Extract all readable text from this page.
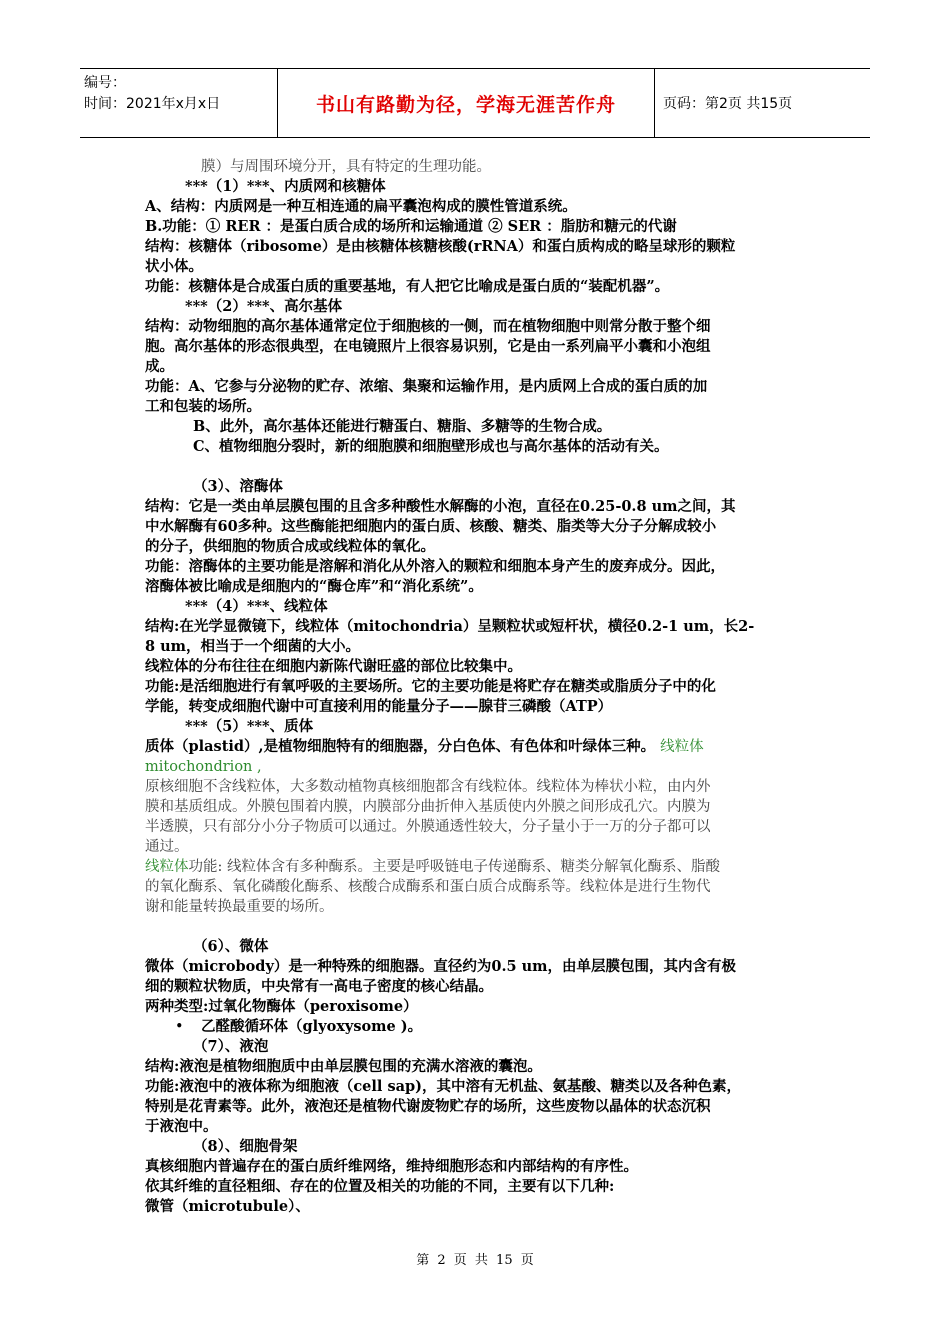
编号：
时间：2021年x月x日	书山有路勤为径，学海无涯苦作舟	页码：第2页 共15页

膜）与周围环境分开，具有特定的生理功能。

***（1）***、内质网和核糖体

A、结构：内质网是一种互相连通的扁平囊泡构成的膜性管道系统。

B.功能：① RER ：是蛋白质合成的场所和运输通道 ② SER ：脂肪和糖元的代谢

结构：核糖体（ribosome）是由核糖体核糖核酸(rRNA）和蛋白质构成的略呈球形的颗粒

状小体。

功能：核糖体是合成蛋白质的重要基地，有人把它比喻成是蛋白质的“装配机器”。

***（2）***、高尔基体

结构：动物细胞的高尔基体通常定位于细胞核的一侧，而在植物细胞中则常分散于整个细

胞。高尔基体的形态很典型，在电镜照片上很容易识别，它是由一系列扁平小囊和小泡组

成。

功能：A、它参与分泌物的贮存、浓缩、集聚和运输作用，是内质网上合成的蛋白质的加

工和包装的场所。

B、此外，高尔基体还能进行糖蛋白、糖脂、多糖等的生物合成。

C、植物细胞分裂时，新的细胞膜和细胞壁形成也与高尔基体的活动有关。

（3）、溶酶体

结构：它是一类由单层膜包围的且含多种酸性水解酶的小泡，直径在0.25-0.8 um之间，其

中水解酶有60多种。这些酶能把细胞内的蛋白质、核酸、糖类、脂类等大分子分解成较小

的分子，供细胞的物质合成或线粒体的氧化。

功能：溶酶体的主要功能是溶解和消化从外溶入的颗粒和细胞本身产生的废弃成分。因此，

溶酶体被比喻成是细胞内的“酶仓库”和“消化系统”。

***（4）***、线粒体

结构:在光学显微镜下，线粒体（mitochondria）呈颗粒状或短杆状，横径0.2-1 um，长2-

8 um，相当于一个细菌的大小。

线粒体的分布往往在细胞内新陈代谢旺盛的部位比较集中。

功能:是活细胞进行有氧呼吸的主要场所。它的主要功能是将贮存在糖类或脂质分子中的化

学能，转变成细胞代谢中可直接利用的能量分子——腺苷三磷酸（ATP）

***（5）***、质体

质体（plastid）,是植物细胞特有的细胞器，分白色体、有色体和叶绿体三种。 线粒体

mitochondrion ,

原核细胞不含线粒体，大多数动植物真核细胞都含有线粒体。线粒体为棒状小粒，由内外

膜和基质组成。外膜包围着内膜，内膜部分曲折伸入基质使内外膜之间形成孔穴。内膜为

半透膜，只有部分小分子物质可以通过。外膜通透性较大，分子量小于一万的分子都可以

通过。

线粒体功能: 线粒体含有多种酶系。主要是呼吸链电子传递酶系、糖类分解氧化酶系、脂酸

的氧化酶系、氧化磷酸化酶系、核酸合成酶系和蛋白质合成酶系等。线粒体是进行生物代

谢和能量转换最重要的场所。

（6）、微体

微体（microbody）是一种特殊的细胞器。直径约为0.5 um，由单层膜包围，其内含有极

细的颗粒状物质，中央常有一高电子密度的核心结晶。

两种类型:过氧化物酶体（peroxisome）

• 乙醛酸循环体（glyoxysome )。

（7）、液泡

结构:液泡是植物细胞质中由单层膜包围的充满水溶液的囊泡。

功能:液泡中的液体称为细胞液（cell sap)，其中溶有无机盐、氨基酸、糖类以及各种色素，

特别是花青素等。此外，液泡还是植物代谢废物贮存的场所，这些废物以晶体的状态沉积

于液泡中。

（8）、细胞骨架

真核细胞内普遍存在的蛋白质纤维网络，维持细胞形态和内部结构的有序性。

依其纤维的直径粗细、存在的位置及相关的功能的不同，主要有以下几种:

微管（microtubule）、

第 2 页 共 15 页
